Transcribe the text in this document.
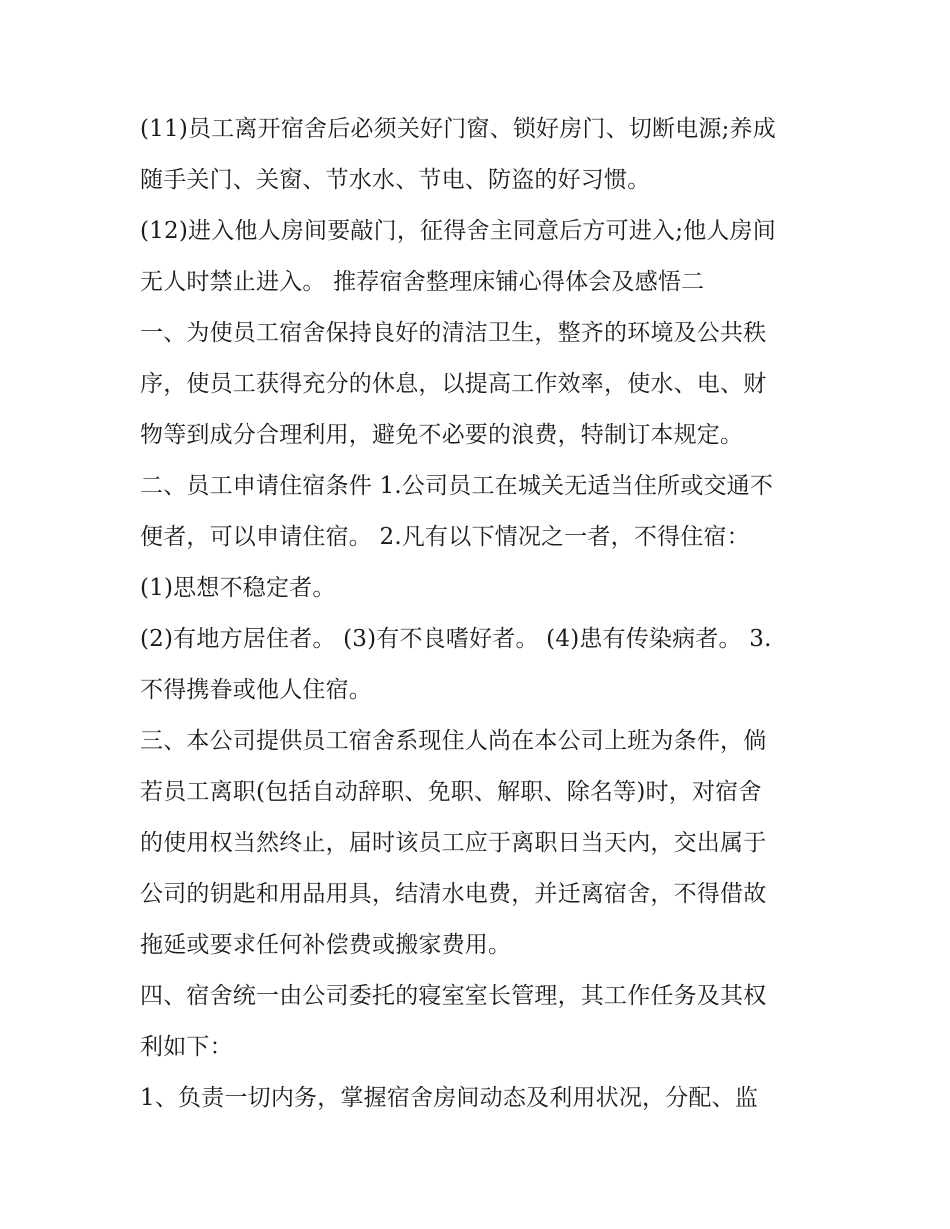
(11)员工离开宿舍后必须关好门窗、锁好房门、切断电源;养成
随手关门、关窗、节水水、节电、防盗的好习惯。
(12)进入他人房间要敲门，征得舍主同意后方可进入;他人房间
无人时禁止进入。 推荐宿舍整理床铺心得体会及感悟二
一、为使员工宿舍保持良好的清洁卫生，整齐的环境及公共秩
序，使员工获得充分的休息，以提高工作效率，使水、电、财
物等到成分合理利用，避免不必要的浪费，特制订本规定。
二、员工申请住宿条件 1.公司员工在城关无适当住所或交通不
便者，可以申请住宿。 2.凡有以下情况之一者，不得住宿：
(1)思想不稳定者。
(2)有地方居住者。 (3)有不良嗜好者。 (4)患有传染病者。 3.
不得携眷或他人住宿。
三、本公司提供员工宿舍系现住人尚在本公司上班为条件，倘
若员工离职(包括自动辞职、免职、解职、除名等)时，对宿舍
的使用权当然终止，届时该员工应于离职日当天内，交出属于
公司的钥匙和用品用具，结清水电费，并迁离宿舍，不得借故
拖延或要求任何补偿费或搬家费用。
四、宿舍统一由公司委托的寝室室长管理，其工作任务及其权
利如下：
1、负责一切内务，掌握宿舍房间动态及利用状况，分配、监
